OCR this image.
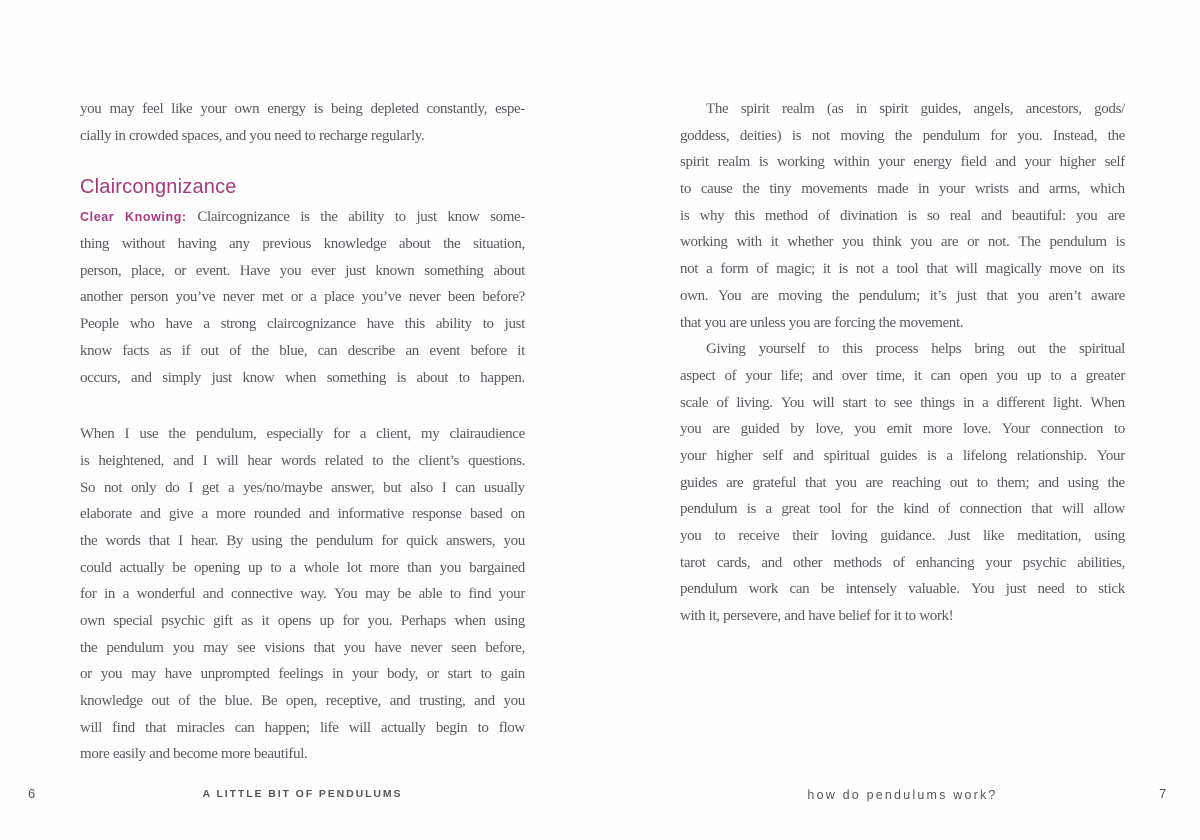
you may feel like your own energy is being depleted constantly, espe-
cially in crowded spaces, and you need to recharge regularly.
Claircongnizance
Clear Knowing: Claircognizance is the ability to just know some-
thing without having any previous knowledge about the situation,
person, place, or event. Have you ever just known something about
another person you’ve never met or a place you’ve never been before?
People who have a strong claircognizance have this ability to just
know facts as if out of the blue, can describe an event before it
occurs, and simply just know when something is about to happen.
When I use the pendulum, especially for a client, my clairaudience
is heightened, and I will hear words related to the client’s questions.
So not only do I get a yes/no/maybe answer, but also I can usually
elaborate and give a more rounded and informative response based on
the words that I hear. By using the pendulum for quick answers, you
could actually be opening up to a whole lot more than you bargained
for in a wonderful and connective way. You may be able to find your
own special psychic gift as it opens up for you. Perhaps when using
the pendulum you may see visions that you have never seen before,
or you may have unprompted feelings in your body, or start to gain
knowledge out of the blue. Be open, receptive, and trusting, and you
will find that miracles can happen; life will actually begin to flow
more easily and become more beautiful.
The spirit realm (as in spirit guides, angels, ancestors, gods/
goddess, deities) is not moving the pendulum for you. Instead, the
spirit realm is working within your energy field and your higher self
to cause the tiny movements made in your wrists and arms, which
is why this method of divination is so real and beautiful: you are
working with it whether you think you are or not. The pendulum is
not a form of magic; it is not a tool that will magically move on its
own. You are moving the pendulum; it’s just that you aren’t aware
that you are unless you are forcing the movement.
Giving yourself to this process helps bring out the spiritual
aspect of your life; and over time, it can open you up to a greater
scale of living. You will start to see things in a different light. When
you are guided by love, you emit more love. Your connection to
your higher self and spiritual guides is a lifelong relationship. Your
guides are grateful that you are reaching out to them; and using the
pendulum is a great tool for the kind of connection that will allow
you to receive their loving guidance. Just like meditation, using
tarot cards, and other methods of enhancing your psychic abilities,
pendulum work can be intensely valuable. You just need to stick
with it, persevere, and have belief for it to work!
6	A LITTLE BIT OF PENDULUMS	how do pendulums work?	7
